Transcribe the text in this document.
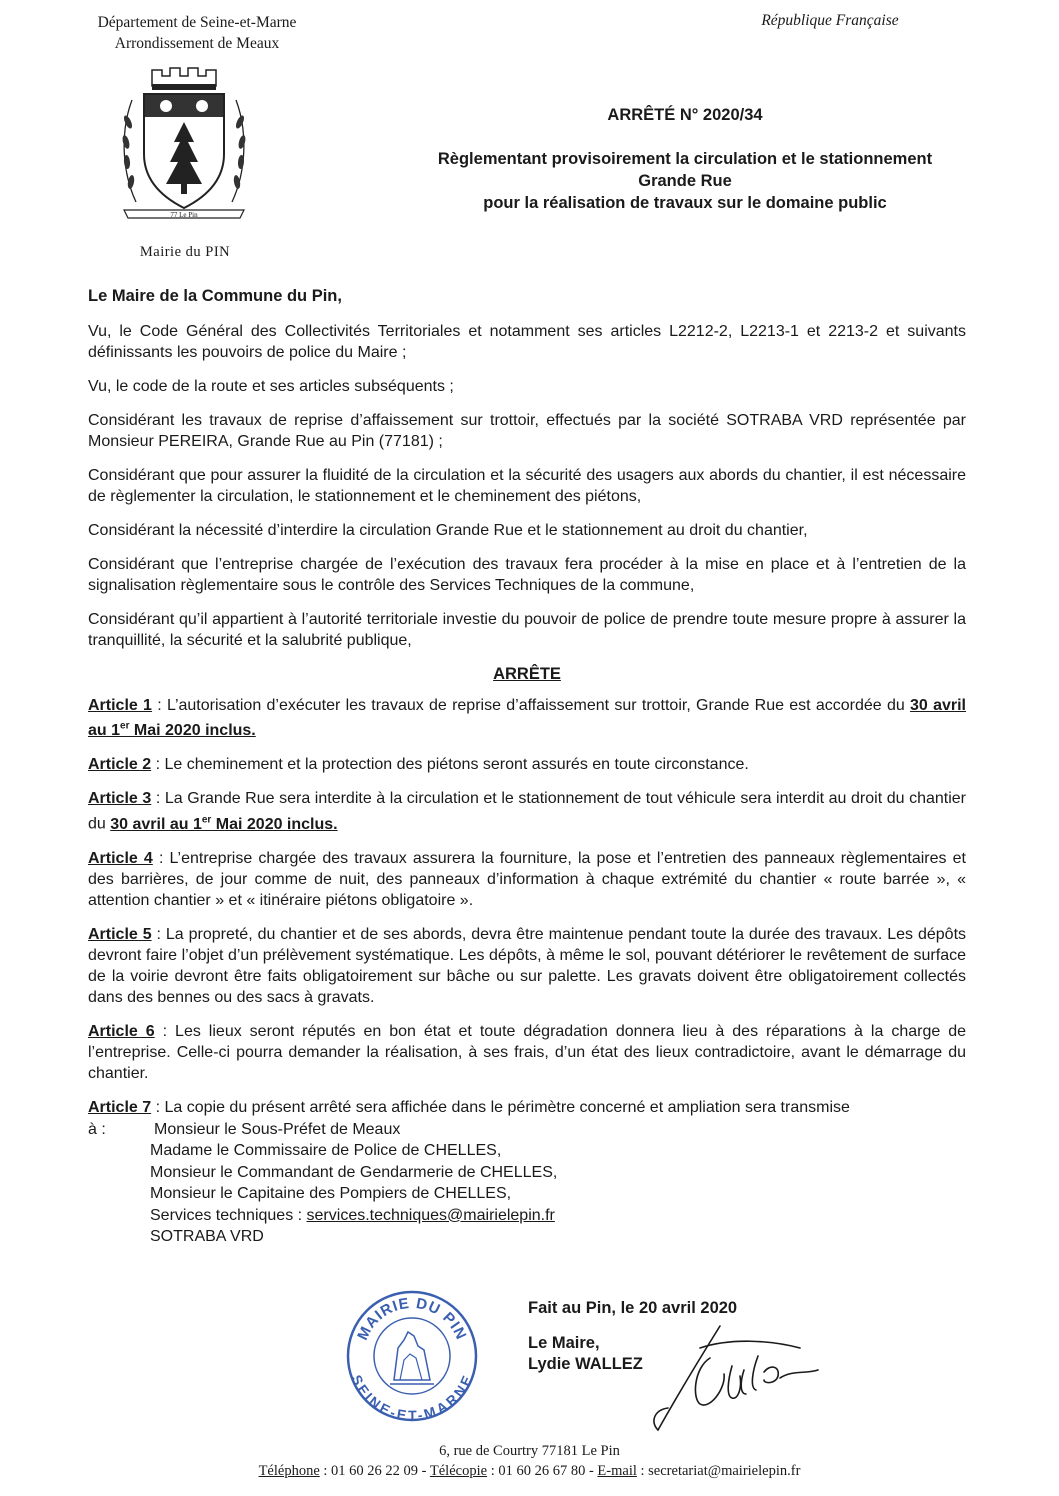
Département de Seine-et-Marne
Arrondissement de Meaux
République Française
77 Le Pin
Mairie du PIN
ARRÊTÉ N° 2020/34
Règlementant provisoirement la circulation et le stationnement
Grande Rue
pour la réalisation de travaux sur le domaine public

Le Maire de la Commune du Pin,

Vu, le Code Général des Collectivités Territoriales et notamment ses articles L2212-2, L2213-1 et 2213-2 et suivants définissants les pouvoirs de police du Maire ;

Vu, le code de la route et ses articles subséquents ;

Considérant les travaux de reprise d’affaissement sur trottoir, effectués par la société SOTRABA VRD représentée par Monsieur PEREIRA, Grande Rue au Pin (77181) ;

Considérant que pour assurer la fluidité de la circulation et la sécurité des usagers aux abords du chantier, il est nécessaire de règlementer la circulation, le stationnement et le cheminement des piétons,

Considérant la nécessité d’interdire la circulation Grande Rue et le stationnement au droit du chantier,

Considérant que l’entreprise chargée de l’exécution des travaux fera procéder à la mise en place et à l’entretien de la signalisation règlementaire sous le contrôle des Services Techniques de la commune,

Considérant qu’il appartient à l’autorité territoriale investie du pouvoir de police de prendre toute mesure propre à assurer la tranquillité, la sécurité et la salubrité publique,

ARRÊTE

Article 1 : L’autorisation d’exécuter les travaux de reprise d’affaissement sur trottoir, Grande Rue est accordée du 30 avril au 1er Mai 2020 inclus.

Article 2 : Le cheminement et la protection des piétons seront assurés en toute circonstance.

Article 3 : La Grande Rue sera interdite à la circulation et le stationnement de tout véhicule sera interdit au droit du chantier du 30 avril au 1er Mai 2020 inclus.

Article 4 : L’entreprise chargée des travaux assurera la fourniture, la pose et l’entretien des panneaux règlementaires et des barrières, de jour comme de nuit, des panneaux d’information à chaque extrémité du chantier « route barrée », « attention chantier » et « itinéraire piétons obligatoire ».

Article 5 : La propreté, du chantier et de ses abords, devra être maintenue pendant toute la durée des travaux. Les dépôts devront faire l’objet d’un prélèvement systématique. Les dépôts, à même le sol, pouvant détériorer le revêtement de surface de la voirie devront être faits obligatoirement sur bâche ou sur palette. Les gravats doivent être obligatoirement collectés dans des bennes ou des sacs à gravats.

Article 6 : Les lieux seront réputés en bon état et toute dégradation donnera lieu à des réparations à la charge de l’entreprise. Celle-ci pourra demander la réalisation, à ses frais, d’un état des lieux contradictoire, avant le démarrage du chantier.

Article 7 : La copie du présent arrêté sera affichée dans le périmètre concerné et ampliation sera transmise

à :	Monsieur le Sous-Préfet de Meaux
Madame le Commissaire de Police de CHELLES,
Monsieur le Commandant de Gendarmerie de CHELLES,
Monsieur le Capitaine des Pompiers de CHELLES,
Services techniques : services.techniques@mairielepin.fr
SOTRABA VRD
MAIRIE DU PIN
SEINE-ET-MARNE
Fait au Pin, le 20 avril 2020
Le Maire,
Lydie WALLEZ
6, rue de Courtry 77181 Le Pin
Téléphone : 01 60 26 22 09 - Télécopie : 01 60 26 67 80 - E-mail : secretariat@mairielepin.fr
